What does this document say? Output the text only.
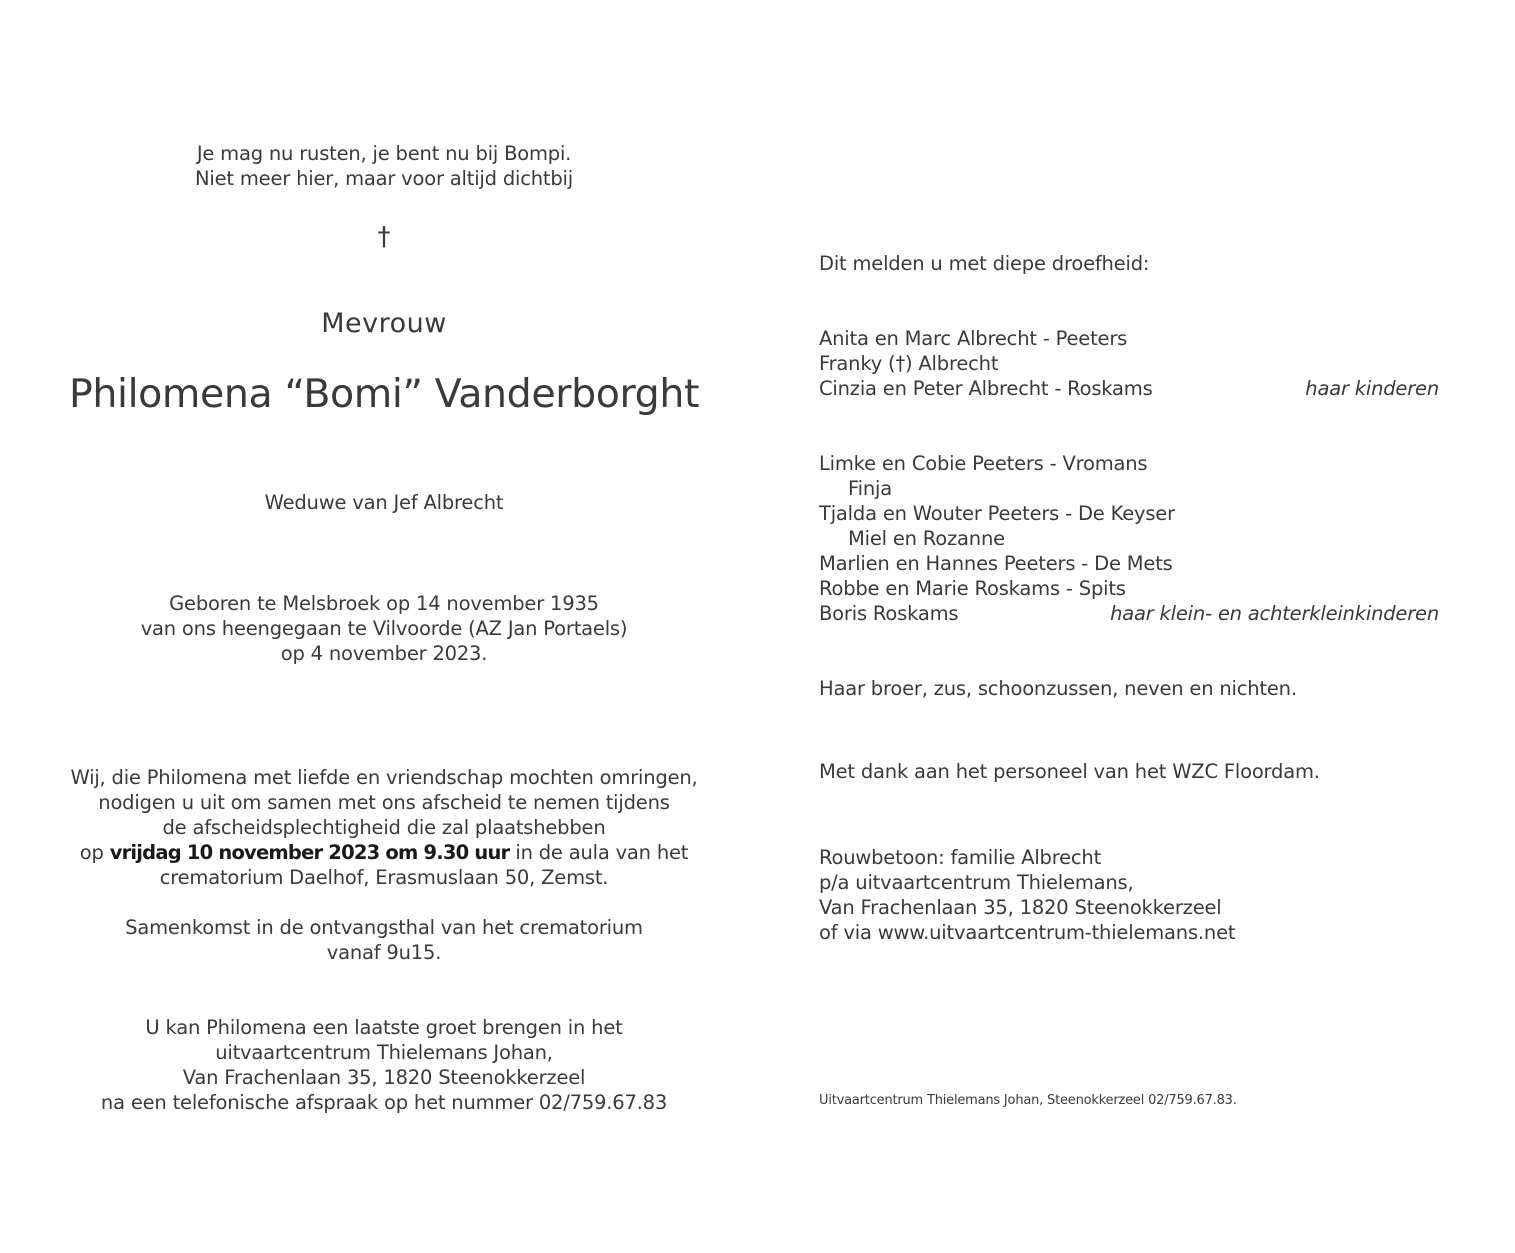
Je mag nu rusten, je bent nu bij Bompi.
Niet meer hier, maar voor altijd dichtbij
†
Mevrouw
Philomena “Bomi” Vanderborght
Weduwe van Jef Albrecht
Geboren te Melsbroek op 14 november 1935
van ons heengegaan te Vilvoorde (AZ Jan Portaels)
op 4 november 2023.
Wij, die Philomena met liefde en vriendschap mochten omringen,
nodigen u uit om samen met ons afscheid te nemen tijdens
de afscheidsplechtigheid die zal plaatshebben
op vrijdag 10 november 2023 om 9.30 uur in de aula van het
crematorium Daelhof, Erasmuslaan 50, Zemst.
Samenkomst in de ontvangsthal van het crematorium
vanaf 9u15.
U kan Philomena een laatste groet brengen in het
uitvaartcentrum Thielemans Johan,
Van Frachenlaan 35, 1820 Steenokkerzeel
na een telefonische afspraak op het nummer 02/759.67.83
Dit melden u met diepe droefheid:
Anita en Marc Albrecht - Peeters
Franky (†) Albrecht
Cinzia en Peter Albrecht - Roskams	haar kinderen
Limke en Cobie Peeters - Vromans
Finja
Tjalda en Wouter Peeters - De Keyser
Miel en Rozanne
Marlien en Hannes Peeters - De Mets
Robbe en Marie Roskams - Spits
Boris Roskams	haar klein- en achterkleinkinderen
Haar broer, zus, schoonzussen, neven en nichten.
Met dank aan het personeel van het WZC Floordam.
Rouwbetoon: familie Albrecht
p/a uitvaartcentrum Thielemans,
Van Frachenlaan 35, 1820 Steenokkerzeel
of via www.uitvaartcentrum-thielemans.net
Uitvaartcentrum Thielemans Johan, Steenokkerzeel 02/759.67.83.
